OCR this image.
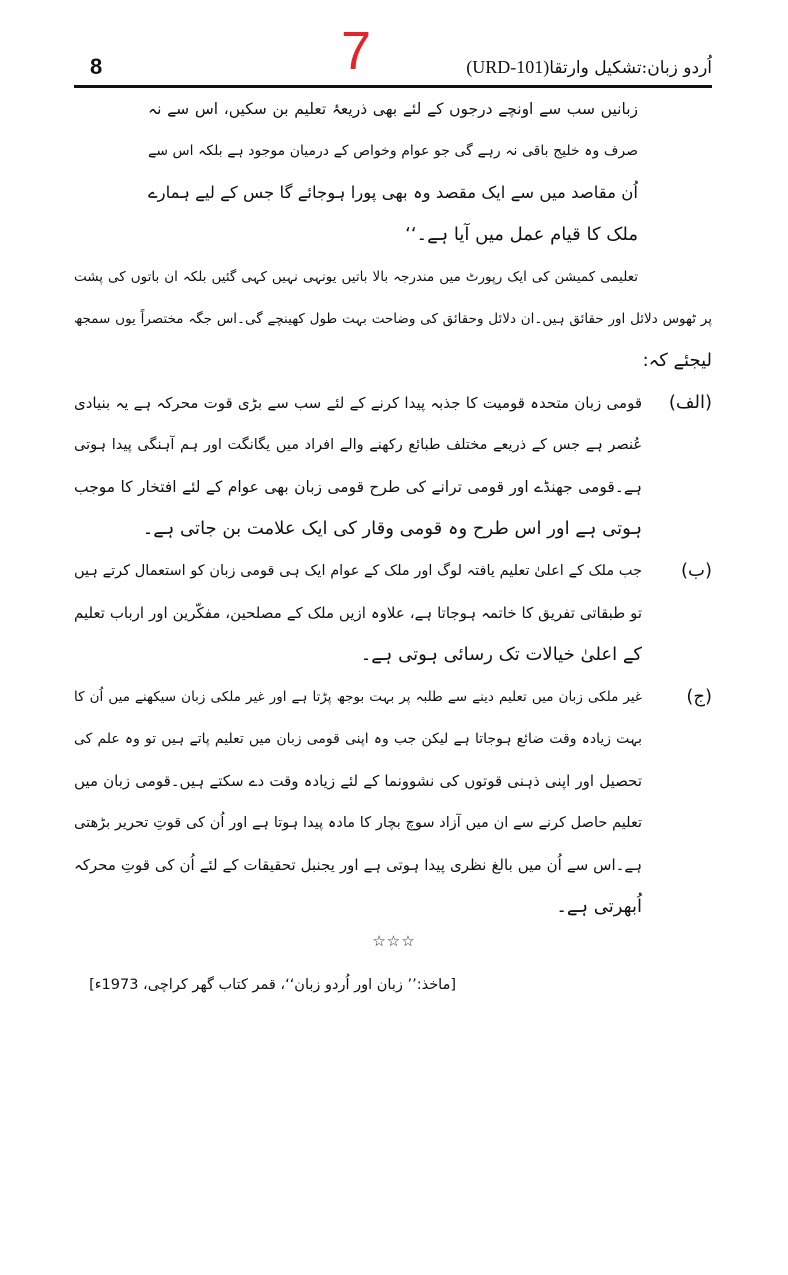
8	7	اُردو زبان:تشکیل وارتقا(URD-101)
زبانیں سب سے اونچے درجوں کے لئے بھی ذریعۂ تعلیم بن سکیں، اس سے نہ
صرف وہ خلیج باقی نہ رہے گی جو عوام وخواص کے درمیان موجود ہے بلکہ اس سے
اُن مقاصد میں سے ایک مقصد وہ بھی پورا ہوجائے گا جس کے لیے ہمارے
ملک کا قیام عمل میں آیا ہے۔‘‘
تعلیمی کمیشن کی ایک رپورٹ میں مندرجہ بالا باتیں یونہی نہیں کہی گئیں بلکہ ان باتوں کی پشت
پر ٹھوس دلائل اور حقائق ہیں۔ان دلائل وحقائق کی وضاحت بہت طول کھینچے گی۔اس جگہ مختصراً یوں سمجھ
لیجئے کہ:
(الف)
قومی زبان متحدہ قومیت کا جذبہ پیدا کرنے کے لئے سب سے بڑی قوت محرکہ ہے یہ بنیادی
عُنصر ہے جس کے ذریعے مختلف طبائع رکھنے والے افراد میں یگانگت اور ہم آہنگی پیدا ہوتی
ہے۔قومی جھنڈے اور قومی ترانے کی طرح قومی زبان بھی عوام کے لئے افتخار کا موجب
ہوتی ہے اور اس طرح وہ قومی وقار کی ایک علامت بن جاتی ہے۔
(ب)
جب ملک کے اعلیٰ تعلیم یافتہ لوگ اور ملک کے عوام ایک ہی قومی زبان کو استعمال کرتے ہیں
تو طبقاتی تفریق کا خاتمہ ہوجاتا ہے، علاوہ ازیں ملک کے مصلحین، مفکّرین اور ارباب تعلیم
کے اعلیٰ خیالات تک رسائی ہوتی ہے۔
(ج)
غیر ملکی زبان میں تعلیم دینے سے طلبہ پر بہت بوجھ پڑتا ہے اور غیر ملکی زبان سیکھنے میں اُن کا
بہت زیادہ وقت ضائع ہوجاتا ہے لیکن جب وہ اپنی قومی زبان میں تعلیم پاتے ہیں تو وہ علم کی
تحصیل اور اپنی ذہنی قوتوں کی نشوونما کے لئے زیادہ وقت دے سکتے ہیں۔قومی زبان میں
تعلیم حاصل کرنے سے ان میں آزاد سوچ بچار کا مادہ پیدا ہوتا ہے اور اُن کی قوتِ تحریر بڑھتی
ہے۔اس سے اُن میں بالغ نظری پیدا ہوتی ہے اور یجنبل تحقیقات کے لئے اُن کی قوتِ محرکہ
اُبھرتی ہے۔
☆☆☆
[ماخذ:’’ زبان اور اُردو زبان‘‘، قمر کتاب گھر کراچی، 1973ء]
